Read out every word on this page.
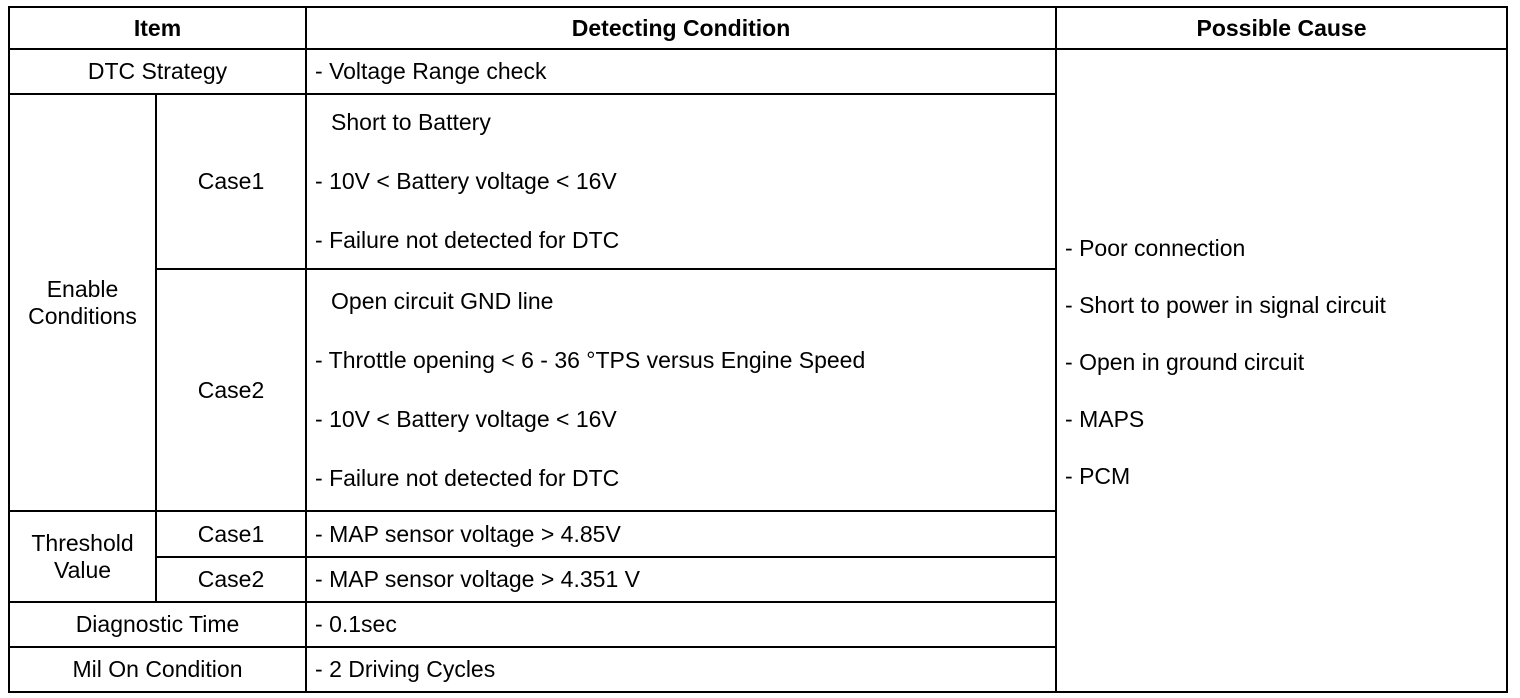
Item		Detecting Condition	Possible Cause
DTC Strategy		- Voltage Range check	- Poor connection
- Short to power in signal circuit
- Open in ground circuit
- MAPS
- PCM

Enable Conditions	Case1	Short to Battery
- 10V < Battery voltage < 16V
- Failure not detected for DTC	

	Case2	Open circuit GND line
- Throttle opening < 6 - 36 °TPS versus Engine Speed
- 10V < Battery voltage < 16V
- Failure not detected for DTC	

Threshold Value	Case1	- MAP sensor voltage > 4.85V	
	Case2	- MAP sensor voltage > 4.351 V	
Diagnostic Time		- 0.1sec	
Mil On Condition		- 2 Driving Cycles	
